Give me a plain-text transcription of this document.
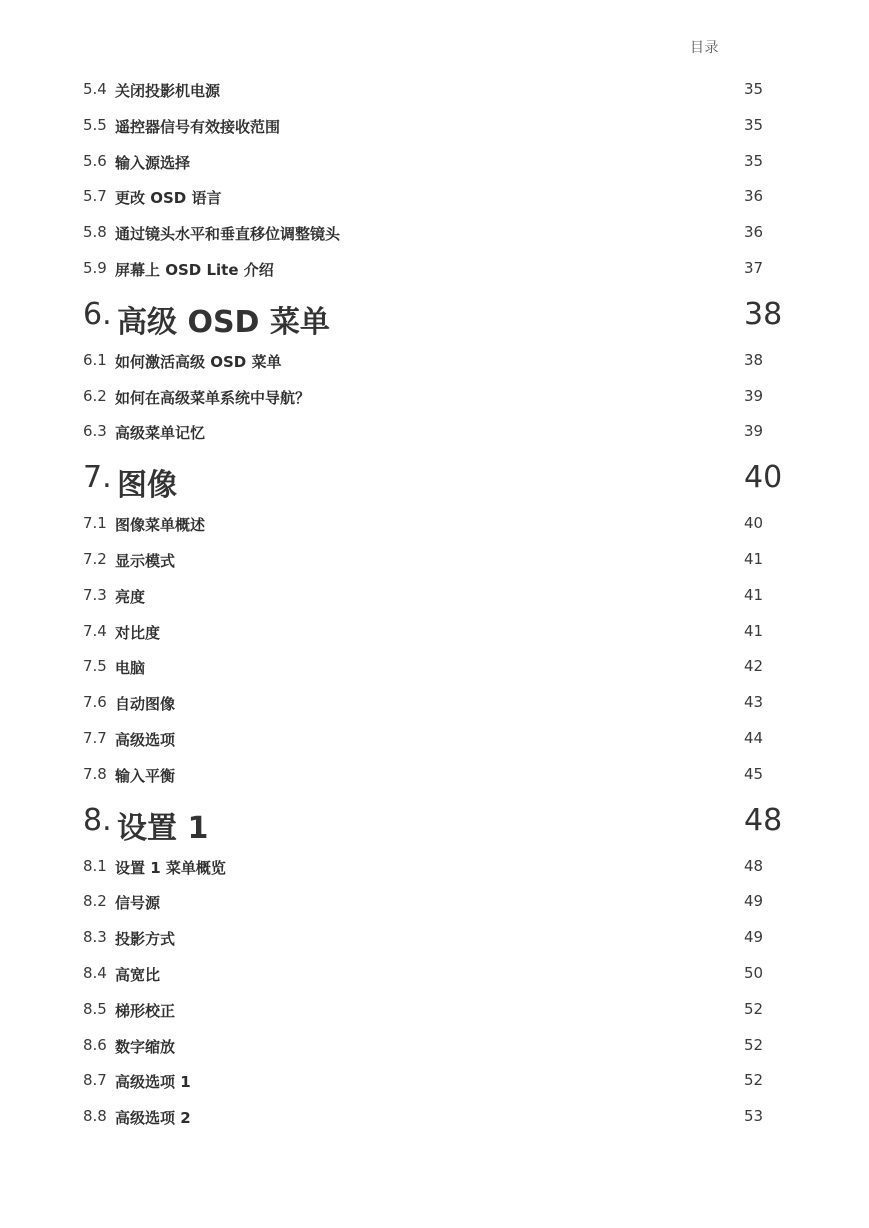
目录
5.4 关闭投影机电源	35
5.5 遥控器信号有效接收范围	35
5.6 输入源选择	35
5.7 更改 OSD 语言	36
5.8 通过镜头水平和垂直移位调整镜头	36
5.9 屏幕上 OSD Lite 介绍	37
6. 高级 OSD 菜单	38
6.1 如何激活高级 OSD 菜单	38
6.2 如何在高级菜单系统中导航？	39
6.3 高级菜单记忆	39
7. 图像	40
7.1 图像菜单概述	40
7.2 显示模式	41
7.3 亮度	41
7.4 对比度	41
7.5 电脑	42
7.6 自动图像	43
7.7 高级选项	44
7.8 输入平衡	45
8. 设置 1	48
8.1 设置 1 菜单概览	48
8.2 信号源	49
8.3 投影方式	49
8.4 高宽比	50
8.5 梯形校正	52
8.6 数字缩放	52
8.7 高级选项 1	52
8.8 高级选项 2	53
